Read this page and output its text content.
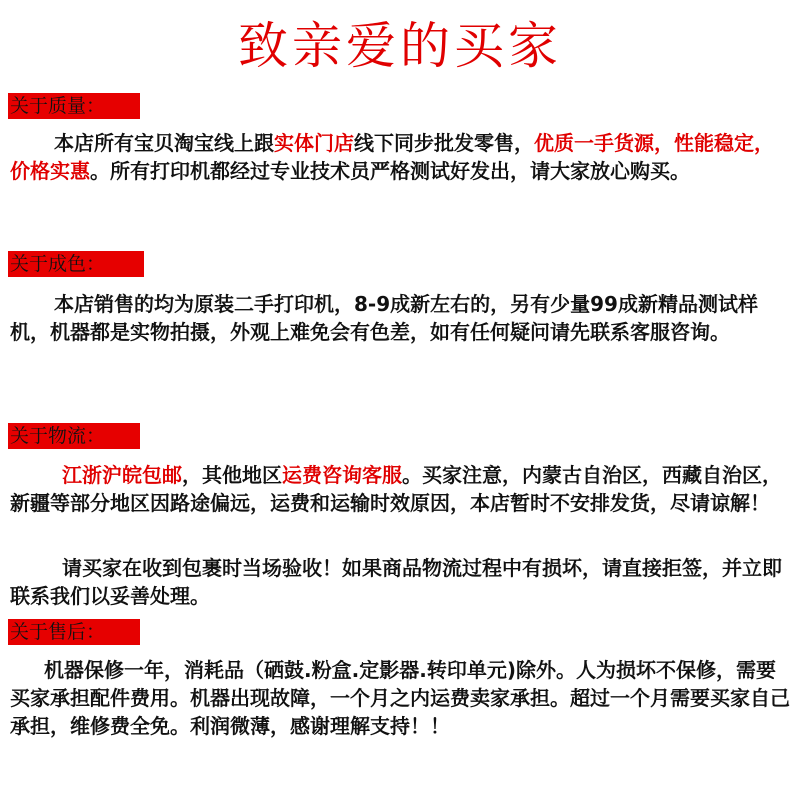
致亲爱的买家
关于质量：

本店所有宝贝淘宝线上跟实体门店线下同步批发零售，优质一手货源，性能稳定，价格实惠。所有打印机都经过专业技术员严格测试好发出，请大家放心购买。

关于成色：

本店销售的均为原装二手打印机，8-9成新左右的，另有少量99成新精品测试样机，机器都是实物拍摄，外观上难免会有色差，如有任何疑问请先联系客服咨询。

关于物流：

江浙沪皖包邮，其他地区运费咨询客服。买家注意，内蒙古自治区，西藏自治区，新疆等部分地区因路途偏远，运费和运输时效原因，本店暂时不安排发货，尽请谅解！

请买家在收到包裹时当场验收！如果商品物流过程中有损坏，请直接拒签，并立即联系我们以妥善处理。

关于售后：

机器保修一年，消耗品（硒鼓.粉盒.定影器.转印单元)除外。人为损坏不保修，需要买家承担配件费用。机器出现故障，一个月之内运费卖家承担。超过一个月需要买家自己承担，维修费全免。利润微薄，感谢理解支持！！
